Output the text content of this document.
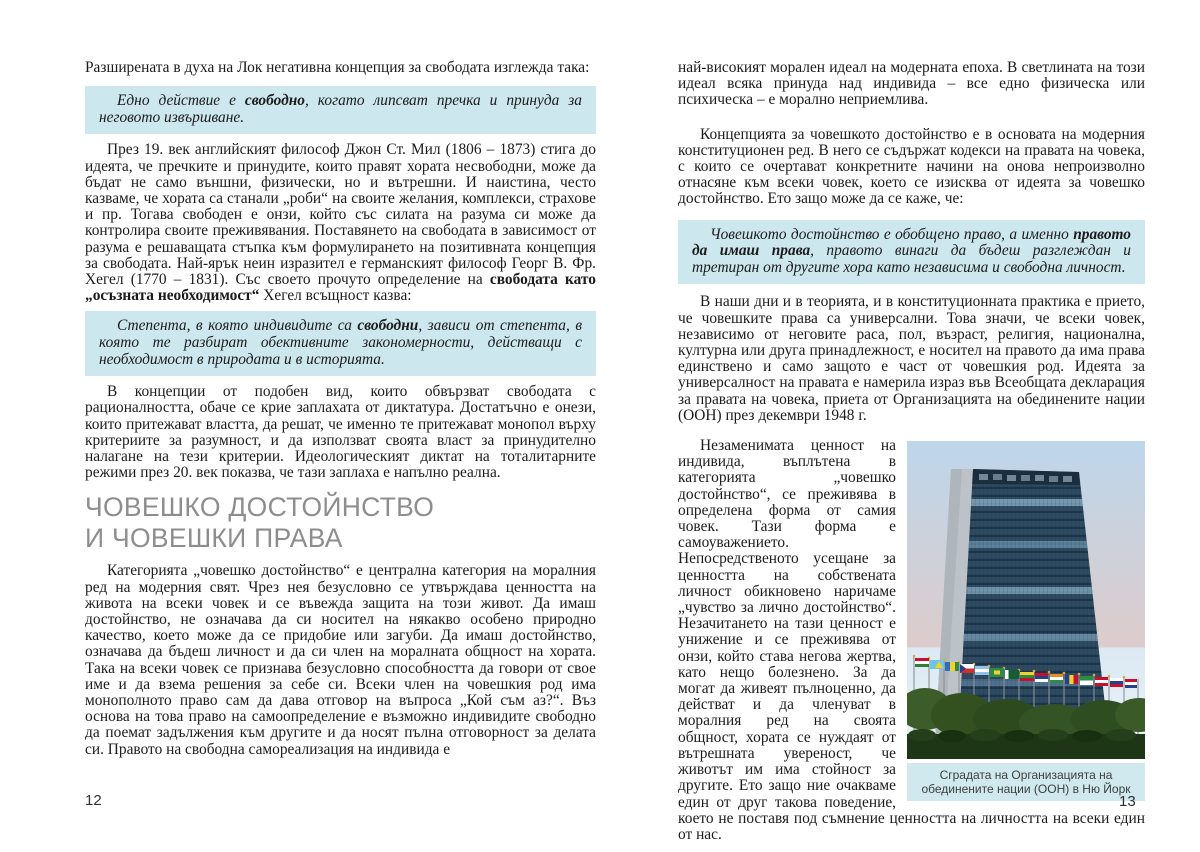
Разширената в духа на Лок негативна концепция за свободата изглежда така:

Едно действие е свободно, когато липсват пречка и принуда за неговото извършване.

През 19. век английският философ Джон Ст. Мил (1806 – 1873) стига до идеята, че пречките и принудите, които правят хората несвободни, може да бъдат не само външни, физически, но и вътрешни. И наистина, често казваме, че хората са станали „роби“ на своите желания, комплекси, страхове и пр. Тогава свободен е онзи, който със силата на разума си може да контролира своите преживявания. Поставянето на свободата в зависимост от разума е решаващата стъпка към формулирането на позитивната концепция за свободата. Най-ярък неин изразител е германският философ Георг В. Фр. Хегел (1770 – 1831). Със своето прочуто определение на свободата като „осъзната необходимост“ Хегел всъщност казва:

Степента, в която индивидите са свободни, зависи от степента, в която те разбират обективните закономерности, действащи с необходимост в природата и в историята.

В концепции от подобен вид, които обвързват свободата с рационалността, обаче се крие заплахата от диктатура. Достатъчно е онези, които притежават властта, да решат, че именно те притежават монопол върху критериите за разумност, и да използват своята власт за принудително налагане на тези критерии. Идеологическият диктат на тоталитарните режими през 20. век показва, че тази заплаха е напълно реална.

ЧОВЕШКО ДОСТОЙНСТВО
И ЧОВЕШКИ ПРАВА

Категорията „човешко достойнство“ е централна категория на моралния ред на модерния свят. Чрез нея безусловно се утвърждава ценността на живота на всеки човек и се въвежда защита на този живот. Да имаш достойнство, не означава да си носител на някакво особено природно качество, което може да се придобие или загуби. Да имаш достойнство, означава да бъдеш личност и да си член на моралната общност на хората. Така на всеки човек се признава безусловно способността да говори от свое име и да взема решения за себе си. Всеки член на човешкия род има монополното право сам да дава отговор на въпроса „Кой съм аз?“. Въз основа на това право на самоопределение е възможно индивидите свободно да поемат задължения към другите и да носят пълна отговорност за делата си. Правото на свободна самореализация на индивида е

12

най-високият морален идеал на модерната епоха. В светлината на този идеал всяка принуда над индивида – все едно физическа или психическа – е морално неприемлива.

Концепцията за човешкото достойнство е в основата на модерния конституционен ред. В него се съдържат кодекси на правата на човека, с които се очертават конкретните начини на онова непроизволно отнасяне към всеки човек, което се изисква от идеята за човешко достойнство. Ето защо може да се каже, че:

Човешкото достойнство е обобщено право, а именно правото да имаш права, правото винаги да бъдеш разглеждан и третиран от другите хора като независима и свободна личност.

В наши дни и в теорията, и в конституционната практика е прието, че човешките права са универсални. Това значи, че всеки човек, независимо от неговите раса, пол, възраст, религия, национална, културна или друга принадлежност, е носител на правото да има права единствено и само защото е част от човешкия род. Идеята за универсалност на правата е намерила израз във Всеобщата декларация за правата на човека, приета от Организацията на обединените нации (ООН) през декември 1948 г.

Сградата на Организацията на обединените нации (ООН) в Ню Йорк

Незаменимата ценност на индивида, въплътена в категорията „човешко достойнство“, се преживява в определена форма от самия човек. Тази форма е самоуважението. Непосредственото усещане за ценността на собствената личност обикновено наричаме „чувство за лично достойнство“. Незачитането на тази ценност е унижение и се преживява от онзи, който става негова жертва, като нещо болезнено. За да могат да живеят пълноценно, да действат и да членуват в моралния ред на своята общност, хората се нуждаят от вътрешната увереност, че животът им има стойност за другите. Ето защо ние очакваме един от друг такова поведение, което не поставя под съмнение ценността на личността на всеки един от нас.

13
